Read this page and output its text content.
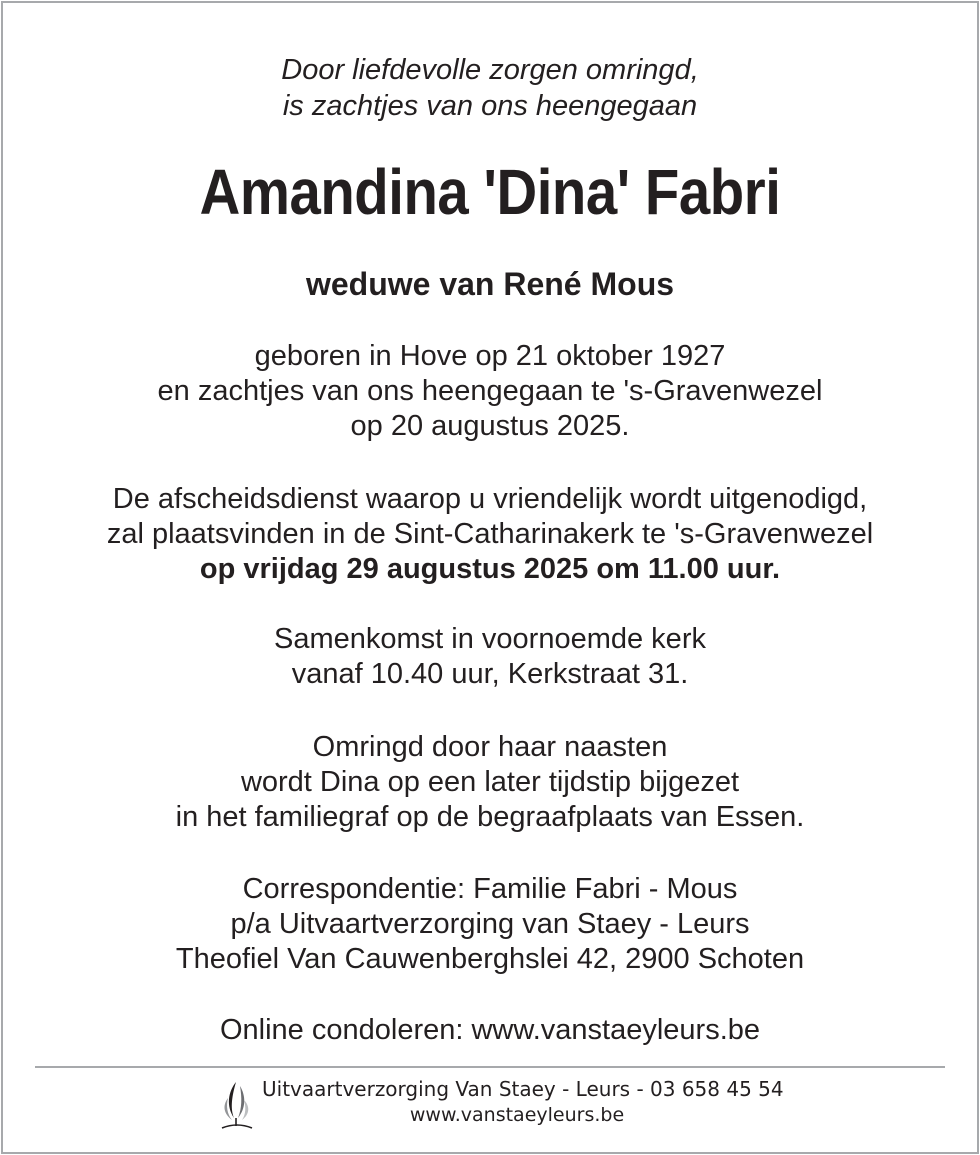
Door liefdevolle zorgen omringd,
is zachtjes van ons heengegaan
Amandina 'Dina' Fabri
weduwe van René Mous
geboren in Hove op 21 oktober 1927
en zachtjes van ons heengegaan te 's-Gravenwezel
op 20 augustus 2025.
De afscheidsdienst waarop u vriendelijk wordt uitgenodigd,
zal plaatsvinden in de Sint-Catharinakerk te 's-Gravenwezel
op vrijdag 29 augustus 2025 om 11.00 uur.
Samenkomst in voornoemde kerk
vanaf 10.40 uur, Kerkstraat 31.
Omringd door haar naasten
wordt Dina op een later tijdstip bijgezet
in het familiegraf op de begraafplaats van Essen.
Correspondentie: Familie Fabri - Mous
p/a Uitvaartverzorging van Staey - Leurs
Theofiel Van Cauwenberghslei 42, 2900 Schoten
Online condoleren: www.vanstaeyleurs.be
Uitvaartverzorging Van Staey - Leurs - 03 658 45 54
www.vanstaeyleurs.be
